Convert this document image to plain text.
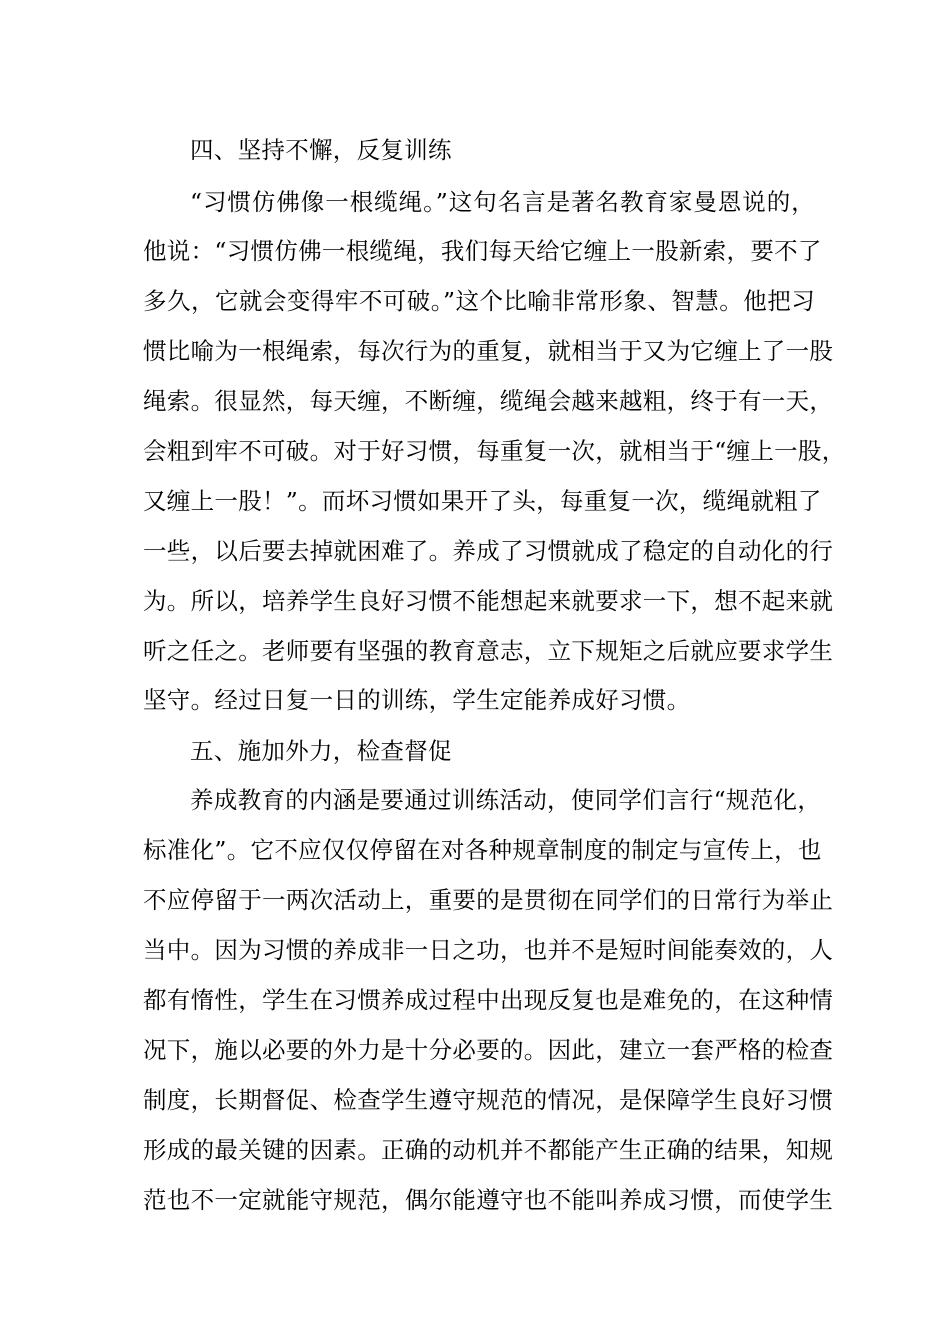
四、坚持不懈，反复训练
“习惯仿佛像一根缆绳。”这句名言是著名教育家曼恩说的，
他说：“习惯仿佛一根缆绳，我们每天给它缠上一股新索，要不了
多久，它就会变得牢不可破。”这个比喻非常形象、智慧。他把习
惯比喻为一根绳索，每次行为的重复，就相当于又为它缠上了一股
绳索。很显然，每天缠，不断缠，缆绳会越来越粗，终于有一天，
会粗到牢不可破。对于好习惯，每重复一次，就相当于“缠上一股，
又缠上一股！”。而坏习惯如果开了头，每重复一次，缆绳就粗了
一些，以后要去掉就困难了。养成了习惯就成了稳定的自动化的行
为。所以，培养学生良好习惯不能想起来就要求一下，想不起来就
听之任之。老师要有坚强的教育意志，立下规矩之后就应要求学生
坚守。经过日复一日的训练，学生定能养成好习惯。
五、施加外力，检查督促
养成教育的内涵是要通过训练活动，使同学们言行“规范化，
标准化”。它不应仅仅停留在对各种规章制度的制定与宣传上，也
不应停留于一两次活动上，重要的是贯彻在同学们的日常行为举止
当中。因为习惯的养成非一日之功，也并不是短时间能奏效的，人
都有惰性，学生在习惯养成过程中出现反复也是难免的，在这种情
况下，施以必要的外力是十分必要的。因此，建立一套严格的检查
制度，长期督促、检查学生遵守规范的情况，是保障学生良好习惯
形成的最关键的因素。正确的动机并不都能产生正确的结果，知规
范也不一定就能守规范，偶尔能遵守也不能叫养成习惯，而使学生
